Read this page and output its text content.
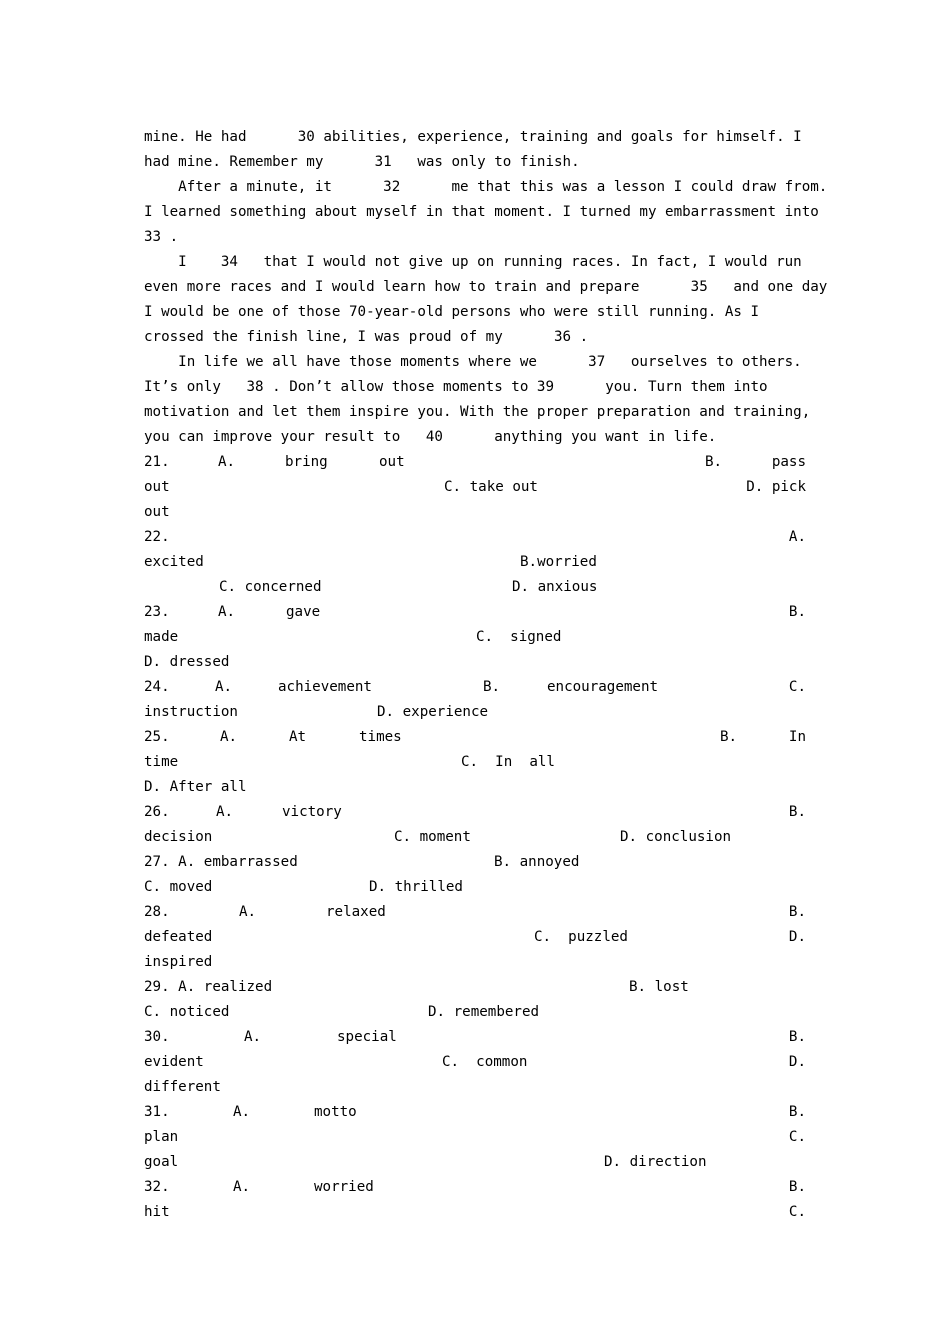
mine. He had      30 abilities, experience, training and goals for himself. I
had mine. Remember my      31   was only to finish.
After a minute, it      32      me that this was a lesson I could draw from.
I learned something about myself in that moment. I turned my embarrassment into
33 .
I    34   that I would not give up on running races. In fact, I would run
even more races and I would learn how to train and prepare      35   and one day
I would be one of those 70-year-old persons who were still running. As I
crossed the finish line, I was proud of my      36 .
In life we all have those moments where we      37   ourselves to others.
It’s only   38 . Don’t allow those moments to 39      you. Turn them into
motivation and let them inspire you. With the proper preparation and training,
you can improve your result to   40      anything you want in life.

21.

	A.

	bring

	out

	B.

	pass

out

	C. take out

	D. pick

out

22.

	A.

excited

	B.worried

C. concerned

	D. anxious

23.

	A.

	gave

	B.

made

	C.  signed

D. dressed

24.

	A.

	achievement

	B.

	encouragement

	C.

instruction

	D. experience

25.

	A.

	At

	times

	B.

	In

time

	C.  In  all

D. After all

26.

	A.

	victory

	B.

decision

	C. moment

	D. conclusion

27. A. embarrassed

	B. annoyed

C. moved

	D. thrilled

28.

	A.

	relaxed

	B.

defeated

	C.  puzzled

	D.

inspired

29. A. realized

	B. lost

C. noticed

	D. remembered

30.

	A.

	special

	B.

evident

	C.  common

	D.

different

31.

	A.

	motto

	B.

plan

	C.

goal

	D. direction

32.

	A.

	worried

	B.

hit

	C.
